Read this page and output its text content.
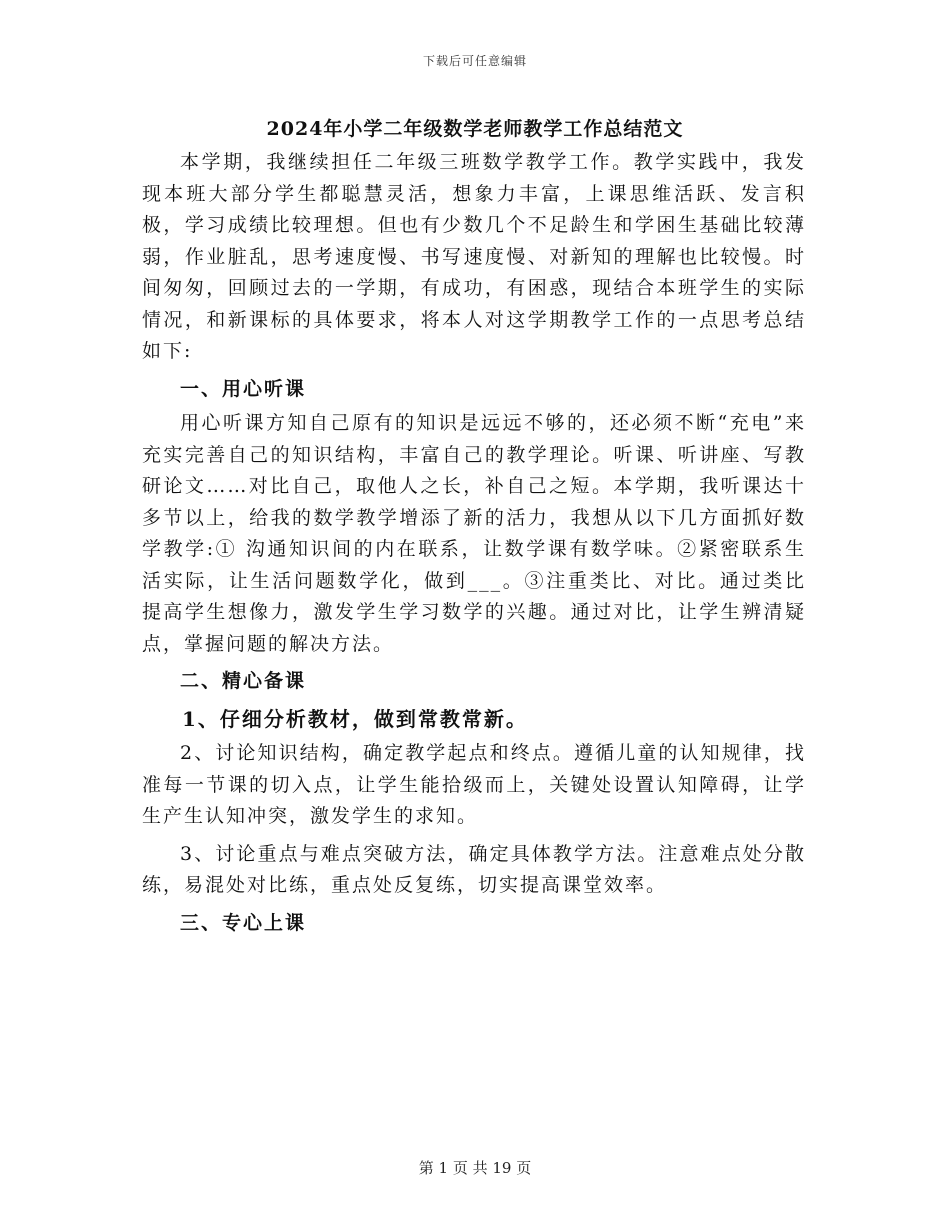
下载后可任意编辑
2024年小学二年级数学老师教学工作总结范文

本学期，我继续担任二年级三班数学教学工作。教学实践中，我发现本班大部分学生都聪慧灵活，想象力丰富，上课思维活跃、发言积极，学习成绩比较理想。但也有少数几个不足龄生和学困生基础比较薄弱，作业脏乱，思考速度慢、书写速度慢、对新知的理解也比较慢。时间匆匆，回顾过去的一学期，有成功，有困惑，现结合本班学生的实际情况，和新课标的具体要求，将本人对这学期教学工作的一点思考总结如下:

一、用心听课

用心听课方知自己原有的知识是远远不够的，还必须不断“充电”来充实完善自己的知识结构，丰富自己的教学理论。听课、听讲座、写教研论文……对比自己，取他人之长，补自己之短。本学期，我听课达十多节以上，给我的数学教学增添了新的活力，我想从以下几方面抓好数学教学:① 沟通知识间的内在联系，让数学课有数学味。②紧密联系生活实际，让生活问题数学化，做到___。③注重类比、对比。通过类比提高学生想像力，激发学生学习数学的兴趣。通过对比，让学生辨清疑点，掌握问题的解决方法。

二、精心备课

1、仔细分析教材，做到常教常新。

2、讨论知识结构，确定教学起点和终点。遵循儿童的认知规律，找准每一节课的切入点，让学生能拾级而上，关键处设置认知障碍，让学生产生认知冲突，激发学生的求知。

3、讨论重点与难点突破方法，确定具体教学方法。注意难点处分散练，易混处对比练，重点处反复练，切实提高课堂效率。

三、专心上课

第 1 页 共 19 页
